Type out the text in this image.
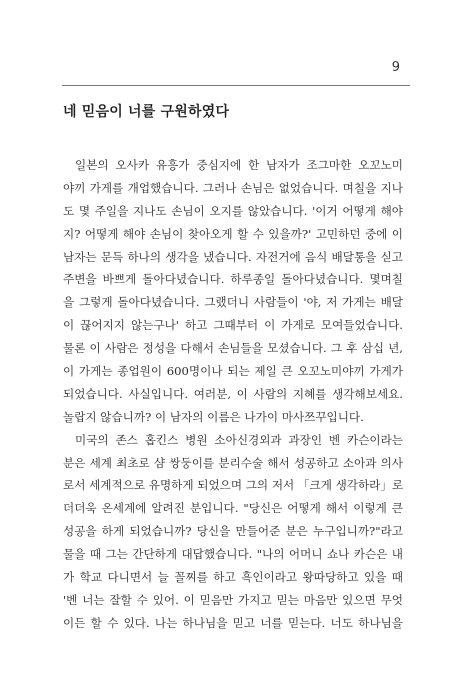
9
네 믿음이 너를 구원하였다
일본의 오사카 유흥가 중심지에 한 남자가 조그마한 오꼬노미
야끼 가게를 개업했습니다. 그러나 손님은 없었습니다. 며칠을 지나
도 몇 주일을 지나도 손님이 오지를 않았습니다. '이거 어떻게 해야
지? 어떻게 해야 손님이 찾아오게 할 수 있을까?' 고민하던 중에 이
남자는 문득 하나의 생각을 냈습니다. 자전거에 음식 배달통을 싣고
주변을 바쁘게 돌아다녔습니다. 하루종일 돌아다녔습니다. 몇며칠
을 그렇게 돌아다녔습니다. 그랬더니 사람들이 '야, 저 가게는 배달
이 끊어지지 않는구나' 하고 그때부터 이 가게로 모여들었습니다.
물론 이 사람은 정성을 다해서 손님들을 모셨습니다. 그 후 삼십 년,
이 가게는 종업원이 600명이나 되는 제일 큰 오꼬노미야끼 가게가
되었습니다. 사실입니다. 여러분, 이 사람의 지혜를 생각해보세요.
놀랍지 않습니까? 이 남자의 이름은 나가이 마사쯔꾸입니다.
미국의 존스 홉킨스 병원 소아신경외과 과장인 벤 카슨이라는
분은 세계 최초로 샴 쌍둥이를 분리수술 해서 성공하고 소아과 의사
로서 세계적으로 유명하게 되었으며 그의 저서 「크게 생각하라」로
더더욱 온세계에 알려진 분입니다. "당신은 어떻게 해서 이렇게 큰
성공을 하게 되었습니까? 당신을 만들어준 분은 누구입니까?"라고
물을 때 그는 간단하게 대답했습니다. "나의 어머니 쇼나 카슨은 내
가 학교 다니면서 늘 꼴찌를 하고 흑인이라고 왕따당하고 있을 때
'벤 너는 잘할 수 있어. 이 믿음만 가지고 믿는 마음만 있으면 무엇
이든 할 수 있다. 나는 하나님을 믿고 너를 믿는다. 너도 하나님을
